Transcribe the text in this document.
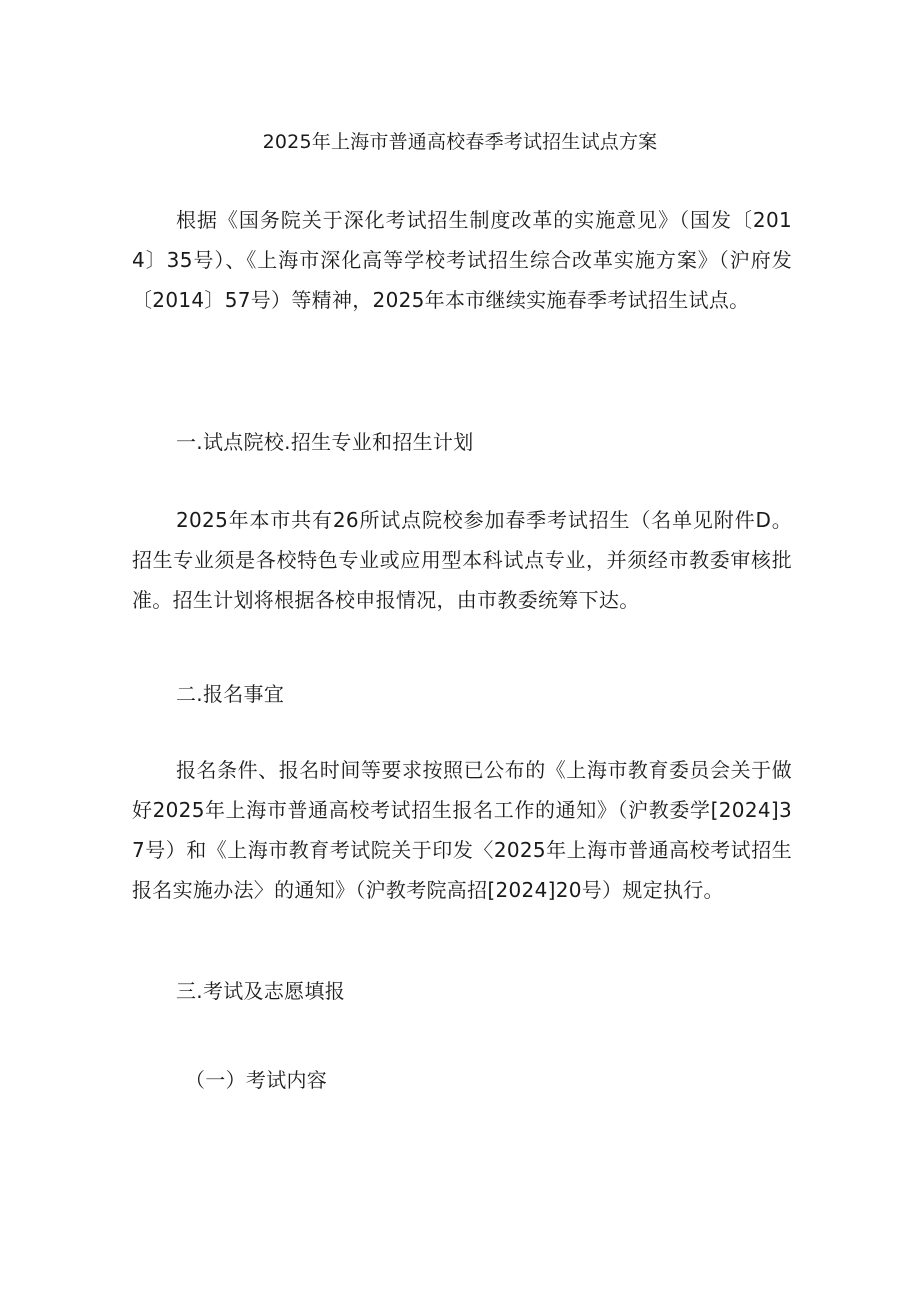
2025年上海市普通高校春季考试招生试点方案

根据《国务院关于深化考试招生制度改革的实施意见》（国发〔2014〕35号）、《上海市深化高等学校考试招生综合改革实施方案》（沪府发〔2014〕57号）等精神，2025年本市继续实施春季考试招生试点。

一.试点院校.招生专业和招生计划

2025年本市共有26所试点院校参加春季考试招生（名单见附件D。招生专业须是各校特色专业或应用型本科试点专业，并须经市教委审核批准。招生计划将根据各校申报情况，由市教委统筹下达。

二.报名事宜

报名条件、报名时间等要求按照已公布的《上海市教育委员会关于做好2025年上海市普通高校考试招生报名工作的通知》（沪教委学[2024]37号）和《上海市教育考试院关于印发〈2025年上海市普通高校考试招生报名实施办法〉的通知》（沪教考院高招[2024]20号）规定执行。

三.考试及志愿填报
（一）考试内容
